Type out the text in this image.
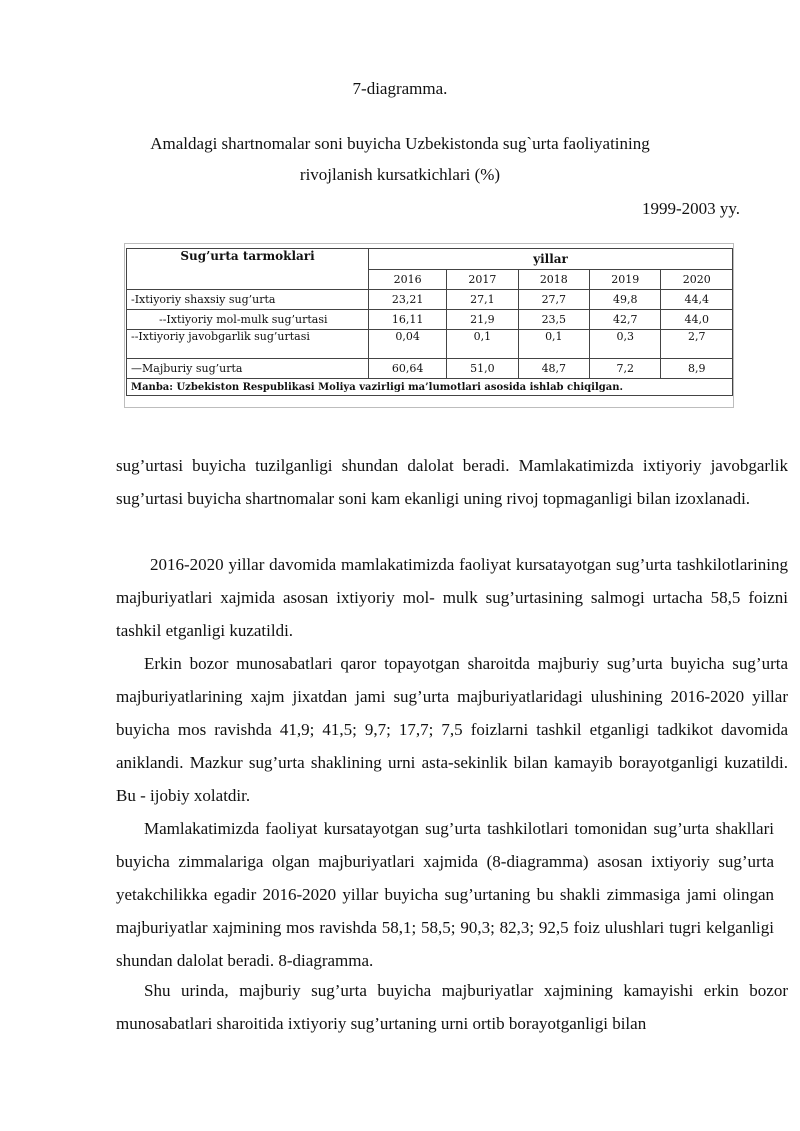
7-diagramma.
Amaldagi shartnomalar soni buyicha Uzbekistonda sug`urta faoliyatining
rivojlanish kursatkichlari (%)
1999-2003 yy.
Sug’urta tarmoklari	yillar				
	2016	2017	2018	2019	2020
-Ixtiyoriy shaxsiy sug’urta	23,21	27,1	27,7	49,8	44,4
--Ixtiyoriy mol-mulk sug’urtasi	16,11	21,9	23,5	42,7	44,0
--Ixtiyoriy javobgarlik sug’urtasi	0,04	0,1	0,1	0,3	2,7
—Majburiy sug’urta	60,64	51,0	48,7	7,2	8,9
Manba: Uzbekiston Respublikasi Moliya vazirligi ma’lumotlari asosida ishlab chiqilgan.					

sug’urtasi buyicha tuzilganligi shundan dalolat beradi. Mamlakatimizda ixtiyoriy javobgarlik sug’urtasi buyicha shartnomalar soni kam ekanligi uning rivoj topmaganligi bilan izoxlanadi.

2016-2020 yillar davomida mamlakatimizda faoliyat kursatayotgan sug’urta tashkilotlarining majburiyatlari xajmida asosan ixtiyoriy mol- mulk sug’urtasining salmogi urtacha 58,5 foizni tashkil etganligi kuzatildi.

Erkin bozor munosabatlari qaror topayotgan sharoitda majburiy sug’urta buyicha sug’urta majburiyatlarining xajm jixatdan jami sug’urta majburiyatlaridagi ulushining 2016-2020 yillar buyicha mos ravishda 41,9; 41,5; 9,7; 17,7; 7,5 foizlarni tashkil etganligi tadkikot davomida aniklandi. Mazkur sug’urta shaklining urni asta-sekinlik bilan kamayib borayotganligi kuzatildi. Bu - ijobiy xolatdir.

Mamlakatimizda faoliyat kursatayotgan sug’urta tashkilotlari tomonidan sug’urta shakllari buyicha zimmalariga olgan majburiyatlari xajmida (8-diagramma) asosan ixtiyoriy sug’urta yetakchilikka egadir 2016-2020 yillar buyicha sug’urtaning bu shakli zimmasiga jami olingan majburiyatlar xajmining mos ravishda 58,1; 58,5; 90,3; 82,3; 92,5 foiz ulushlari tugri kelganligi shundan dalolat beradi. 8-diagramma.

Shu urinda, majburiy sug’urta buyicha majburiyatlar xajmining kamayishi erkin bozor munosabatlari sharoitida ixtiyoriy sug’urtaning urni ortib borayotganligi bilan
